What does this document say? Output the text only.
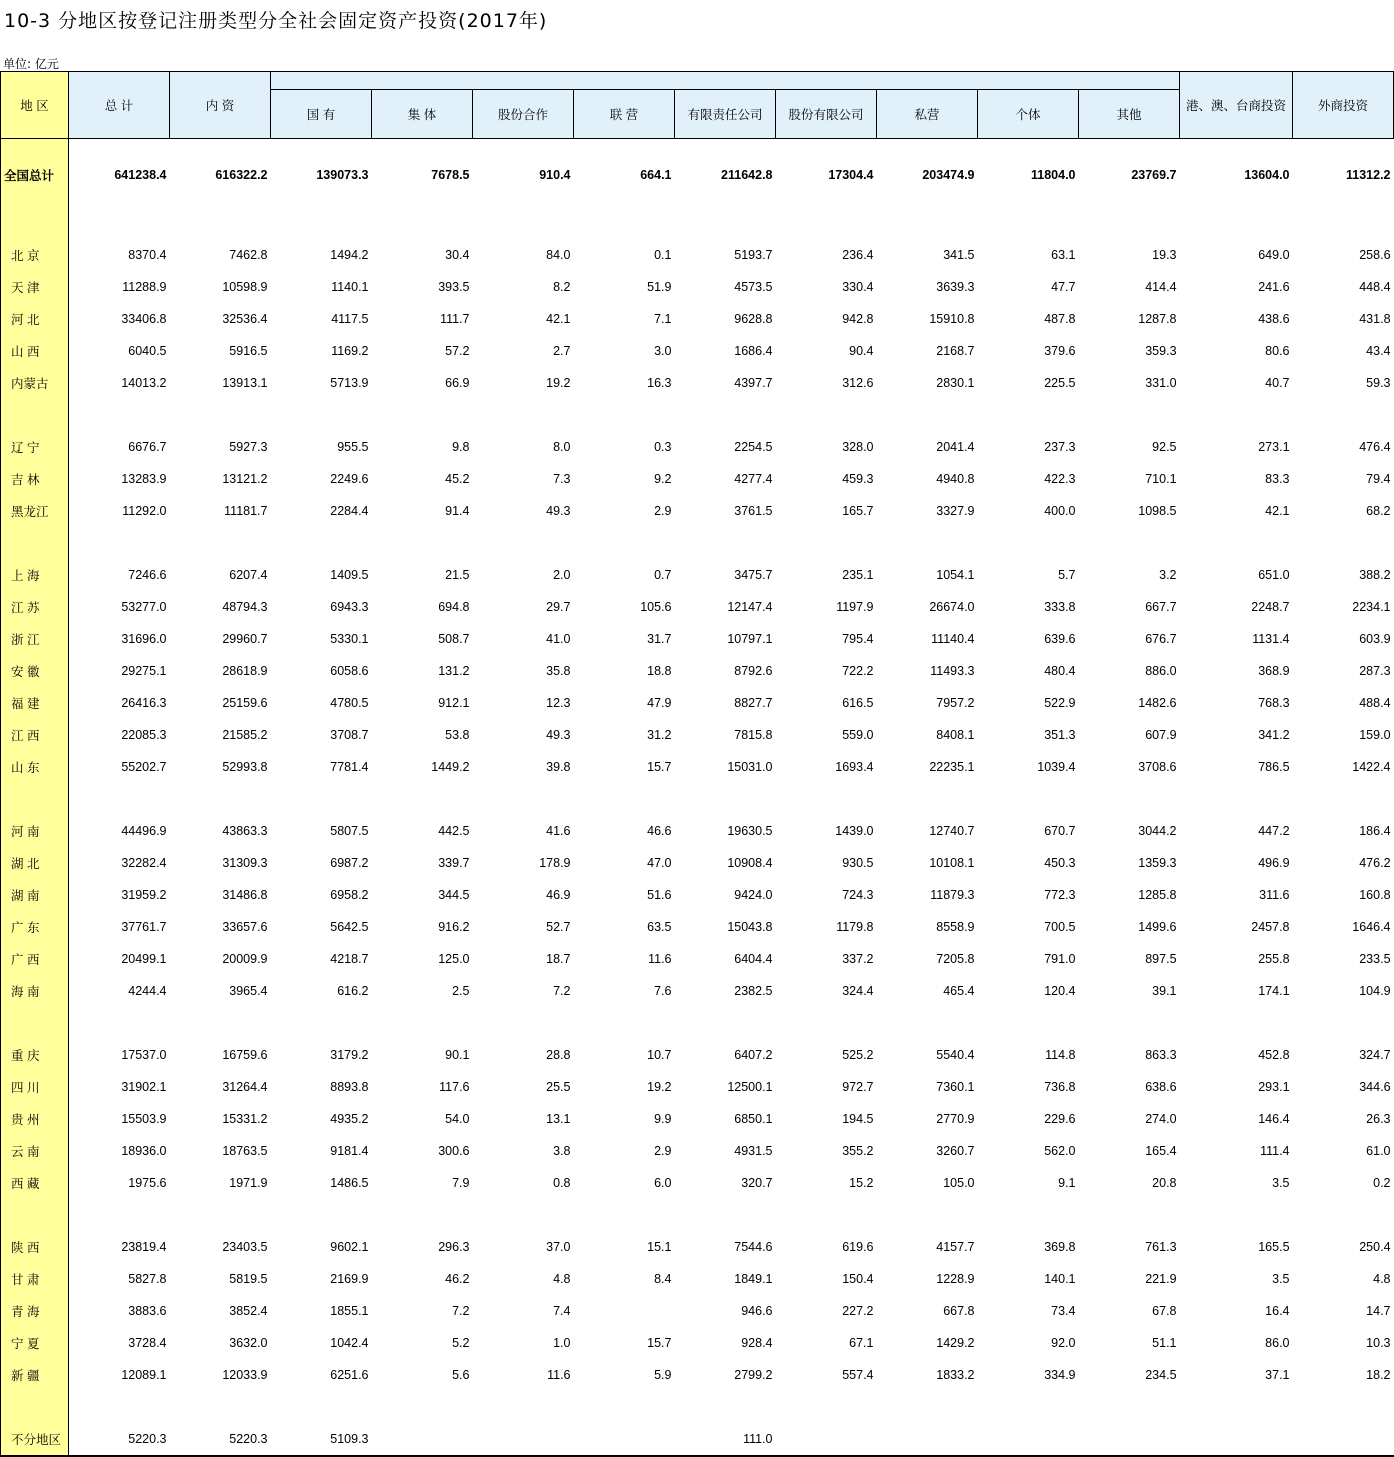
10-3 分地区按登记注册类型分全社会固定资产投资(2017年)
单位: 亿元
地 区	总 计	内 资										港、澳、台商投资	外商投资
			国 有	集 体	股份合作	联 营	有限责任公司	股份有限公司	私营	个体	其他		
全国总计	641238.4	616322.2	139073.3	7678.5	910.4	664.1	211642.8	17304.4	203474.9	11804.0	23769.7	13604.0	11312.2

北 京	8370.4	7462.8	1494.2	30.4	84.0	0.1	5193.7	236.4	341.5	63.1	19.3	649.0	258.6
天 津	11288.9	10598.9	1140.1	393.5	8.2	51.9	4573.5	330.4	3639.3	47.7	414.4	241.6	448.4
河 北	33406.8	32536.4	4117.5	111.7	42.1	7.1	9628.8	942.8	15910.8	487.8	1287.8	438.6	431.8
山 西	6040.5	5916.5	1169.2	57.2	2.7	3.0	1686.4	90.4	2168.7	379.6	359.3	80.6	43.4
内蒙古	14013.2	13913.1	5713.9	66.9	19.2	16.3	4397.7	312.6	2830.1	225.5	331.0	40.7	59.3

辽 宁	6676.7	5927.3	955.5	9.8	8.0	0.3	2254.5	328.0	2041.4	237.3	92.5	273.1	476.4
吉 林	13283.9	13121.2	2249.6	45.2	7.3	9.2	4277.4	459.3	4940.8	422.3	710.1	83.3	79.4
黑龙江	11292.0	11181.7	2284.4	91.4	49.3	2.9	3761.5	165.7	3327.9	400.0	1098.5	42.1	68.2

上 海	7246.6	6207.4	1409.5	21.5	2.0	0.7	3475.7	235.1	1054.1	5.7	3.2	651.0	388.2
江 苏	53277.0	48794.3	6943.3	694.8	29.7	105.6	12147.4	1197.9	26674.0	333.8	667.7	2248.7	2234.1
浙 江	31696.0	29960.7	5330.1	508.7	41.0	31.7	10797.1	795.4	11140.4	639.6	676.7	1131.4	603.9
安 徽	29275.1	28618.9	6058.6	131.2	35.8	18.8	8792.6	722.2	11493.3	480.4	886.0	368.9	287.3
福 建	26416.3	25159.6	4780.5	912.1	12.3	47.9	8827.7	616.5	7957.2	522.9	1482.6	768.3	488.4
江 西	22085.3	21585.2	3708.7	53.8	49.3	31.2	7815.8	559.0	8408.1	351.3	607.9	341.2	159.0
山 东	55202.7	52993.8	7781.4	1449.2	39.8	15.7	15031.0	1693.4	22235.1	1039.4	3708.6	786.5	1422.4

河 南	44496.9	43863.3	5807.5	442.5	41.6	46.6	19630.5	1439.0	12740.7	670.7	3044.2	447.2	186.4
湖 北	32282.4	31309.3	6987.2	339.7	178.9	47.0	10908.4	930.5	10108.1	450.3	1359.3	496.9	476.2
湖 南	31959.2	31486.8	6958.2	344.5	46.9	51.6	9424.0	724.3	11879.3	772.3	1285.8	311.6	160.8
广 东	37761.7	33657.6	5642.5	916.2	52.7	63.5	15043.8	1179.8	8558.9	700.5	1499.6	2457.8	1646.4
广 西	20499.1	20009.9	4218.7	125.0	18.7	11.6	6404.4	337.2	7205.8	791.0	897.5	255.8	233.5
海 南	4244.4	3965.4	616.2	2.5	7.2	7.6	2382.5	324.4	465.4	120.4	39.1	174.1	104.9

重 庆	17537.0	16759.6	3179.2	90.1	28.8	10.7	6407.2	525.2	5540.4	114.8	863.3	452.8	324.7
四 川	31902.1	31264.4	8893.8	117.6	25.5	19.2	12500.1	972.7	7360.1	736.8	638.6	293.1	344.6
贵 州	15503.9	15331.2	4935.2	54.0	13.1	9.9	6850.1	194.5	2770.9	229.6	274.0	146.4	26.3
云 南	18936.0	18763.5	9181.4	300.6	3.8	2.9	4931.5	355.2	3260.7	562.0	165.4	111.4	61.0
西 藏	1975.6	1971.9	1486.5	7.9	0.8	6.0	320.7	15.2	105.0	9.1	20.8	3.5	0.2

陕 西	23819.4	23403.5	9602.1	296.3	37.0	15.1	7544.6	619.6	4157.7	369.8	761.3	165.5	250.4
甘 肃	5827.8	5819.5	2169.9	46.2	4.8	8.4	1849.1	150.4	1228.9	140.1	221.9	3.5	4.8
青 海	3883.6	3852.4	1855.1	7.2	7.4		946.6	227.2	667.8	73.4	67.8	16.4	14.7
宁 夏	3728.4	3632.0	1042.4	5.2	1.0	15.7	928.4	67.1	1429.2	92.0	51.1	86.0	10.3
新 疆	12089.1	12033.9	6251.6	5.6	11.6	5.9	2799.2	557.4	1833.2	334.9	234.5	37.1	18.2

不分地区	5220.3	5220.3	5109.3				111.0						
